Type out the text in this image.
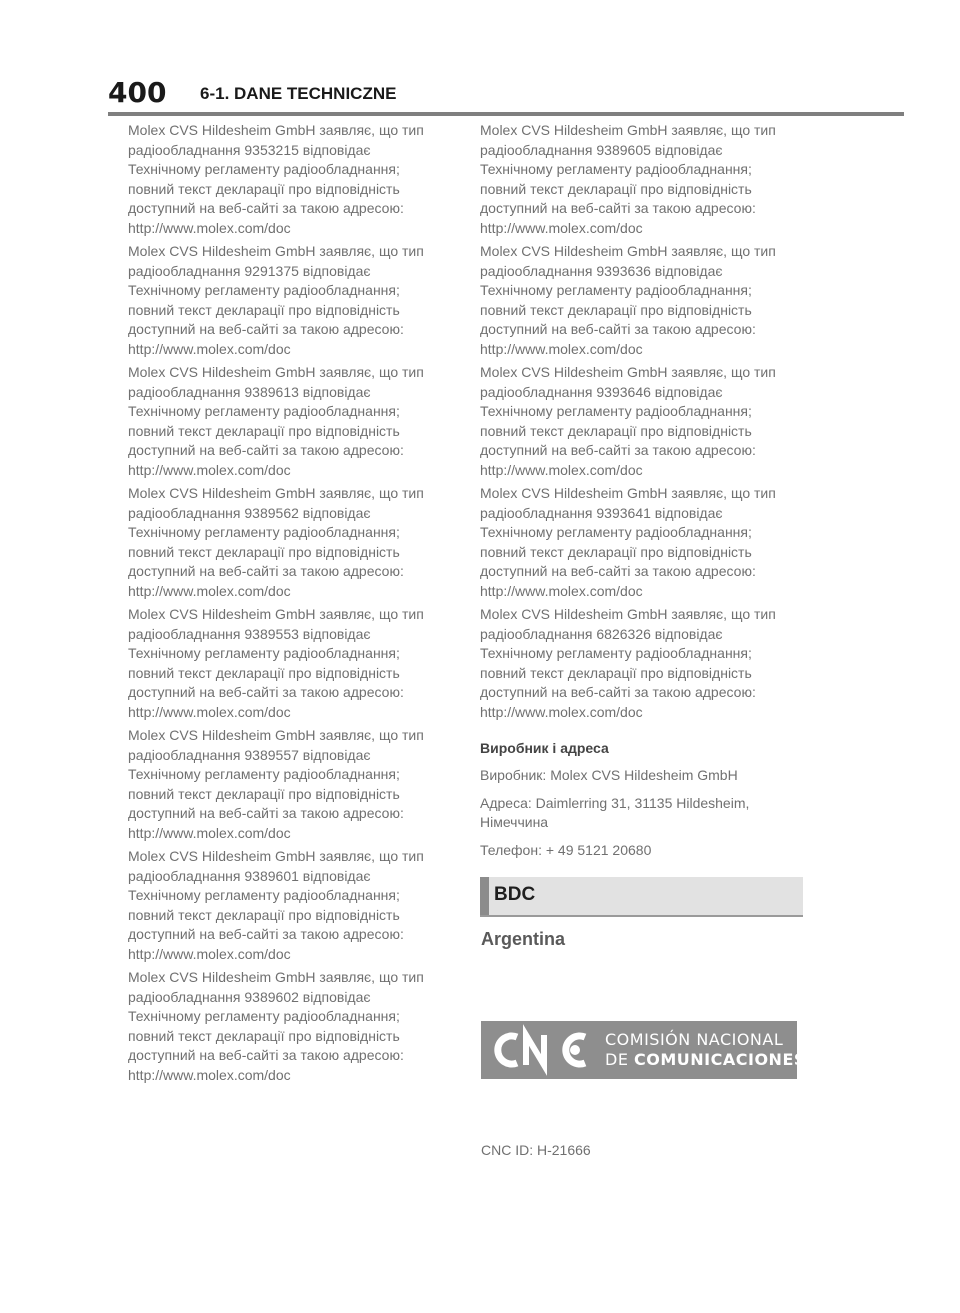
400 6-1. DANE TECHNICZNE
Molex CVS Hildesheim GmbH заявляє, що тип
радіообладнання 9353215 відповідає
Технічному регламенту радіообладнання;
повний текст декларації про відповідність
доступний на веб-сайті за такою адресою:
http://www.molex.com/doc
Molex CVS Hildesheim GmbH заявляє, що тип
радіообладнання 9291375 відповідає
Технічному регламенту радіообладнання;
повний текст декларації про відповідність
доступний на веб-сайті за такою адресою:
http://www.molex.com/doc
Molex CVS Hildesheim GmbH заявляє, що тип
радіообладнання 9389613 відповідає
Технічному регламенту радіообладнання;
повний текст декларації про відповідність
доступний на веб-сайті за такою адресою:
http://www.molex.com/doc
Molex CVS Hildesheim GmbH заявляє, що тип
радіообладнання 9389562 відповідає
Технічному регламенту радіообладнання;
повний текст декларації про відповідність
доступний на веб-сайті за такою адресою:
http://www.molex.com/doc
Molex CVS Hildesheim GmbH заявляє, що тип
радіообладнання 9389553 відповідає
Технічному регламенту радіообладнання;
повний текст декларації про відповідність
доступний на веб-сайті за такою адресою:
http://www.molex.com/doc
Molex CVS Hildesheim GmbH заявляє, що тип
радіообладнання 9389557 відповідає
Технічному регламенту радіообладнання;
повний текст декларації про відповідність
доступний на веб-сайті за такою адресою:
http://www.molex.com/doc
Molex CVS Hildesheim GmbH заявляє, що тип
радіообладнання 9389601 відповідає
Технічному регламенту радіообладнання;
повний текст декларації про відповідність
доступний на веб-сайті за такою адресою:
http://www.molex.com/doc
Molex CVS Hildesheim GmbH заявляє, що тип
радіообладнання 9389602 відповідає
Технічному регламенту радіообладнання;
повний текст декларації про відповідність
доступний на веб-сайті за такою адресою:
http://www.molex.com/doc
Molex CVS Hildesheim GmbH заявляє, що тип
радіообладнання 9389605 відповідає
Технічному регламенту радіообладнання;
повний текст декларації про відповідність
доступний на веб-сайті за такою адресою:
http://www.molex.com/doc
Molex CVS Hildesheim GmbH заявляє, що тип
радіообладнання 9393636 відповідає
Технічному регламенту радіообладнання;
повний текст декларації про відповідність
доступний на веб-сайті за такою адресою:
http://www.molex.com/doc
Molex CVS Hildesheim GmbH заявляє, що тип
радіообладнання 9393646 відповідає
Технічному регламенту радіообладнання;
повний текст декларації про відповідність
доступний на веб-сайті за такою адресою:
http://www.molex.com/doc
Molex CVS Hildesheim GmbH заявляє, що тип
радіообладнання 9393641 відповідає
Технічному регламенту радіообладнання;
повний текст декларації про відповідність
доступний на веб-сайті за такою адресою:
http://www.molex.com/doc
Molex CVS Hildesheim GmbH заявляє, що тип
радіообладнання 6826326 відповідає
Технічному регламенту радіообладнання;
повний текст декларації про відповідність
доступний на веб-сайті за такою адресою:
http://www.molex.com/doc
Виробник і адреса
Виробник: Molex CVS Hildesheim GmbH
Адреса: Daimlerring 31, 31135 Hildesheim,
Німеччина
Телефон: + 49 5121 20680
BDC
Argentina
COMISIÓN NACIONAL
DE COMUNICACIONES
CNC ID: H-21666
